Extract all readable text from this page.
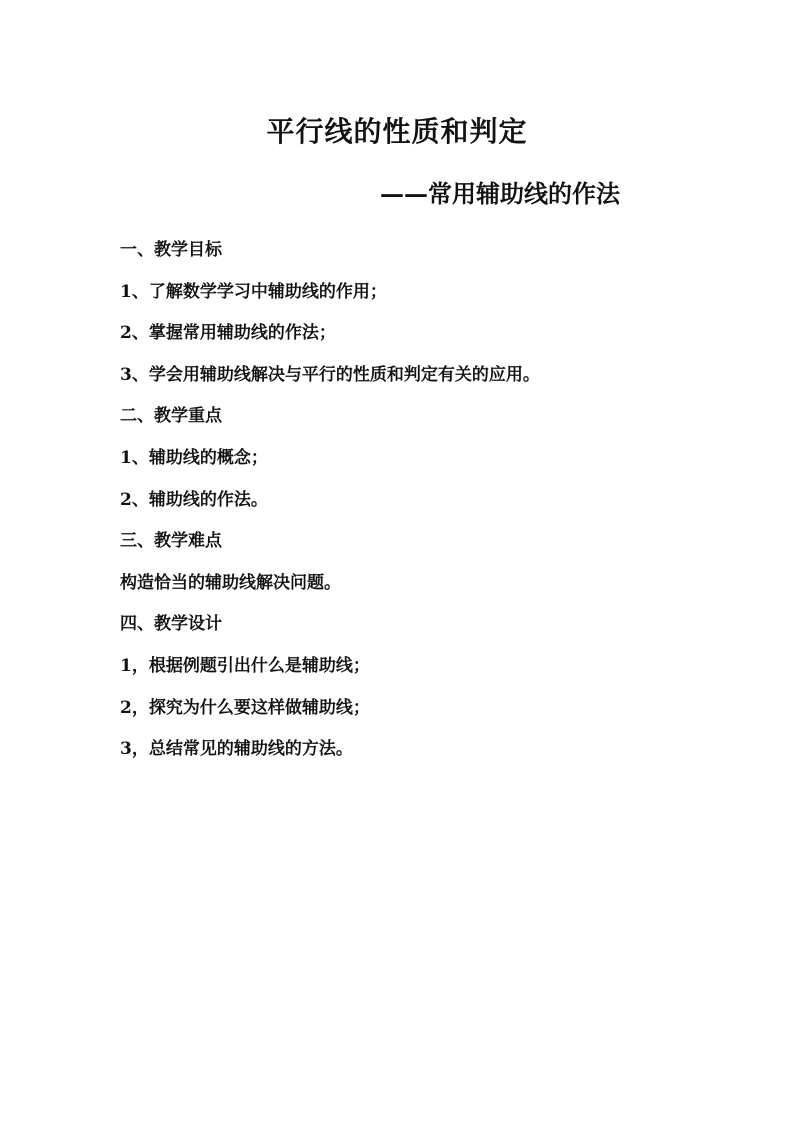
平行线的性质和判定
——常用辅助线的作法
一、教学目标
1、了解数学学习中辅助线的作用；
2、掌握常用辅助线的作法；
3、学会用辅助线解决与平行的性质和判定有关的应用。
二、教学重点
1、辅助线的概念；
2、辅助线的作法。
三、教学难点
构造恰当的辅助线解决问题。
四、教学设计
1，根据例题引出什么是辅助线；
2，探究为什么要这样做辅助线；
3，总结常见的辅助线的方法。
